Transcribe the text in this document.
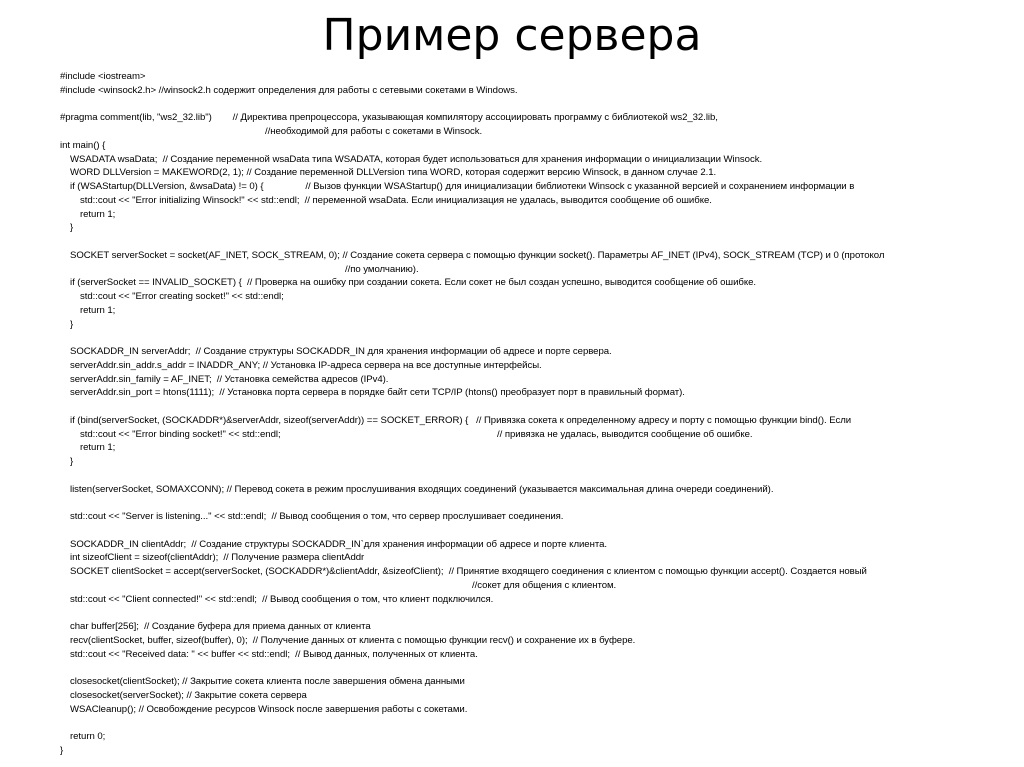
Пример сервера
#include <iostream>
#include <winsock2.h> //winsock2.h содержит определения для работы с сетевыми сокетами в Windows.
#pragma comment(lib, "ws2_32.lib")        // Директива препроцессора, указывающая компилятору ассоциировать программу с библиотекой ws2_32.lib,
//необходимой для работы с сокетами в Winsock.
int main() {
WSADATA wsaData;  // Создание переменной wsaData типа WSADATA, которая будет использоваться для хранения информации о инициализации Winsock.
WORD DLLVersion = MAKEWORD(2, 1); // Создание переменной DLLVersion типа WORD, которая содержит версию Winsock, в данном случае 2.1.
if (WSAStartup(DLLVersion, &wsaData) != 0) {                // Вызов функции WSAStartup() для инициализации библиотеки Winsock с указанной версией и сохранением информации в
std::cout << "Error initializing Winsock!" << std::endl;  // переменной wsaData. Если инициализация не удалась, выводится сообщение об ошибке.
return 1;
}
SOCKET serverSocket = socket(AF_INET, SOCK_STREAM, 0); // Создание сокета сервера с помощью функции socket(). Параметры AF_INET (IPv4), SOCK_STREAM (TCP) и 0 (протокол
//по умолчанию).
if (serverSocket == INVALID_SOCKET) {  // Проверка на ошибку при создании сокета. Если сокет не был создан успешно, выводится сообщение об ошибке.
std::cout << "Error creating socket!" << std::endl;
return 1;
}
SOCKADDR_IN serverAddr;  // Создание структуры SOCKADDR_IN для хранения информации об адресе и порте сервера.
serverAddr.sin_addr.s_addr = INADDR_ANY; // Установка IP-адреса сервера на все доступные интерфейсы.
serverAddr.sin_family = AF_INET;  // Установка семейства адресов (IPv4).
serverAddr.sin_port = htons(1111);  // Установка порта сервера в порядке байт сети TCP/IP (htons() преобразует порт в правильный формат).
if (bind(serverSocket, (SOCKADDR*)&serverAddr, sizeof(serverAddr)) == SOCKET_ERROR) {   // Привязка сокета к определенному адресу и порту с помощью функции bind(). Если
std::cout << "Error binding socket!" << std::endl;	// привязка не удалась, выводится сообщение об ошибке.
return 1;
}
listen(serverSocket, SOMAXCONN); // Перевод сокета в режим прослушивания входящих соединений (указывается максимальная длина очереди соединений).
std::cout << "Server is listening..." << std::endl;  // Вывод сообщения о том, что сервер прослушивает соединения.
SOCKADDR_IN clientAddr;  // Создание структуры SOCKADDR_IN`для хранения информации об адресе и порте клиента.
int sizeofClient = sizeof(clientAddr);  // Получение размера clientAddr
SOCKET clientSocket = accept(serverSocket, (SOCKADDR*)&clientAddr, &sizeofClient);  // Принятие входящего соединения с клиентом с помощью функции accept(). Создается новый
//сокет для общения с клиентом.
std::cout << "Client connected!" << std::endl;  // Вывод сообщения о том, что клиент подключился.
char buffer[256];  // Создание буфера для приема данных от клиента
recv(clientSocket, buffer, sizeof(buffer), 0);  // Получение данных от клиента с помощью функции recv() и сохранение их в буфере.
std::cout << "Received data: " << buffer << std::endl;  // Вывод данных, полученных от клиента.
closesocket(clientSocket); // Закрытие сокета клиента после завершения обмена данными
closesocket(serverSocket); // Закрытие сокета сервера
WSACleanup(); // Освобождение ресурсов Winsock после завершения работы с сокетами.
return 0;
}
